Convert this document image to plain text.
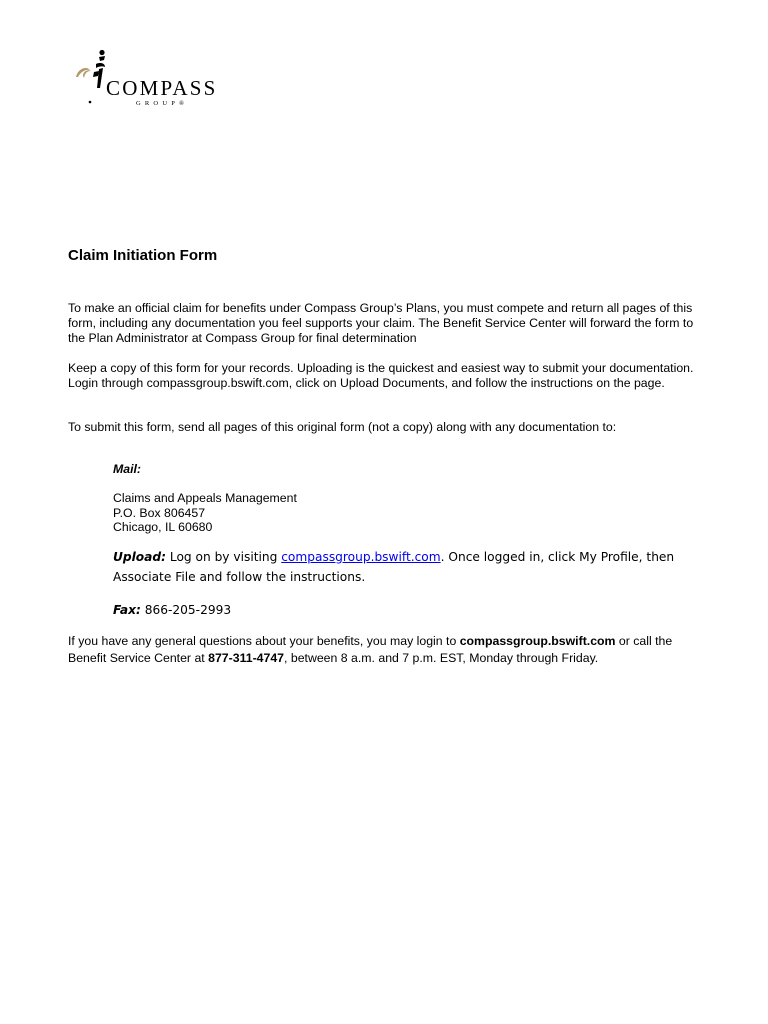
COMPASS
GROUP®
Claim Initiation Form

To make an official claim for benefits under Compass Group’s Plans, you must compete and return all pages of this form, including any documentation you feel supports your claim. The Benefit Service Center will forward the form to the Plan Administrator at Compass Group for final determination

Keep a copy of this form for your records. Uploading is the quickest and easiest way to submit your documentation. Login through compassgroup.bswift.com, click on Upload Documents, and follow the instructions on the page.

To submit this form, send all pages of this original form (not a copy) along with any documentation to:

Mail:
Claims and Appeals Management
P.O. Box 806457
Chicago, IL 60680

Upload: Log on by visiting compassgroup.bswift.com. Once logged in, click My Profile, then Associate File and follow the instructions.

Fax: 866-205-2993

If you have any general questions about your benefits, you may login to compassgroup.bswift.com or call the Benefit Service Center at 877-311-4747, between 8 a.m. and 7 p.m. EST, Monday through Friday.
